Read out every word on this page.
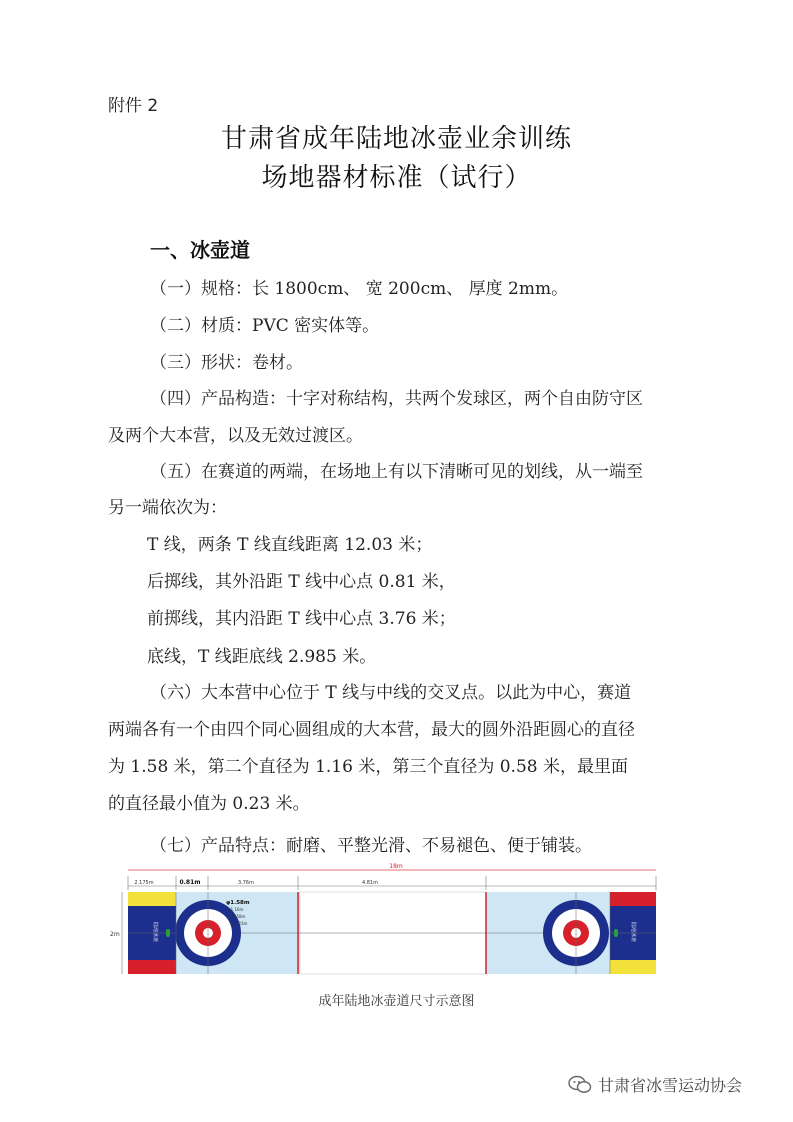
附件 2
甘肃省成年陆地冰壶业余训练
场地器材标准（试行）
一、冰壶道
（一）规格：长 1800cm、 宽 200cm、 厚度 2mm。
（二）材质：PVC 密实体等。
（三）形状：卷材。
（四）产品构造：十字对称结构，共两个发球区，两个自由防守区
及两个大本营，以及无效过渡区。
（五）在赛道的两端，在场地上有以下清晰可见的划线，从一端至
另一端依次为：
T 线，两条 T 线直线距离 12.03 米；
后掷线，其外沿距 T 线中心点 0.81 米，
前掷线，其内沿距 T 线中心点 3.76 米；
底线，T 线距底线 2.985 米。
（六）大本营中心位于 T 线与中线的交叉点。以此为中心，赛道
两端各有一个由四个同心圆组成的大本营，最大的圆外沿距圆心的直径
为 1.58 米，第二个直径为 1.16 米，第三个直径为 0.58 米，最里面
的直径最小值为 0.23 米。
（七）产品特点：耐磨、平整光滑、不易褪色、便于铺装。
18m
2.175m	0.81m	3.76m	4.81m
2m	陆地冰壶	陆地冰壶
φ1.58m
φ1.16m
φ0.58m
φ0.23m
成年陆地冰壶道尺寸示意图
甘肃省冰雪运动协会
